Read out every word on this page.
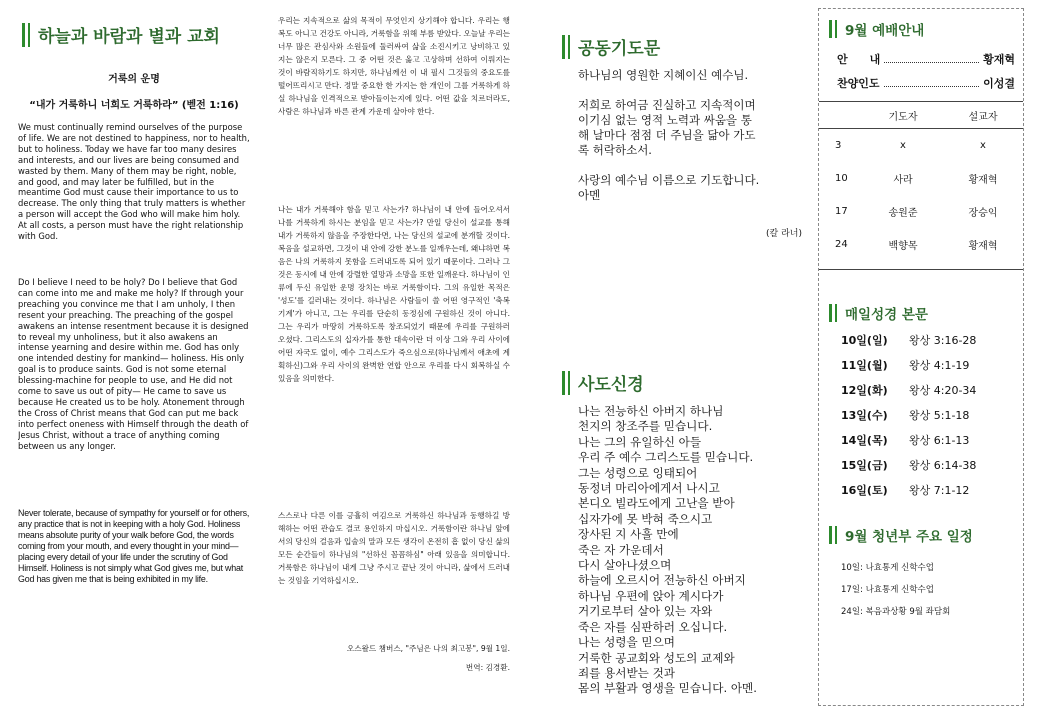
하늘과 바람과 별과 교회
거룩의 운명
“내가 거룩하니 너희도 거룩하라” (벧전 1:16)

We must continually remind ourselves of the purpose of life. We are not destined to happiness, nor to health, but to holiness. Today we have far too many desires and interests, and our lives are being consumed and wasted by them. Many of them may be right, noble, and good, and may later be fulfilled, but in the meantime God must cause their importance to us to decrease. The only thing that truly matters is whether a person will accept the God who will make him holy. At all costs, a person must have the right relationship with God.

Do I believe I need to be holy? Do I believe that God can come into me and make me holy? If through your preaching you convince me that I am unholy, I then resent your preaching. The preaching of the gospel awakens an intense resentment because it is designed to reveal my unholiness, but it also awakens an intense yearning and desire within me. God has only one intended destiny for mankind— holiness. His only goal is to produce saints. God is not some eternal blessing-machine for people to use, and He did not come to save us out of pity— He came to save us because He created us to be holy. Atonement through the Cross of Christ means that God can put me back into perfect oneness with Himself through the death of Jesus Christ, without a trace of anything coming between us any longer.

Never tolerate, because of sympathy for yourself or for others, any practice that is not in keeping with a holy God. Holiness means absolute purity of your walk before God, the words coming from your mouth, and every thought in your mind— placing every detail of your life under the scrutiny of God Himself. Holiness is not simply what God gives me, but what God has given me that is being exhibited in my life.

우리는 지속적으로 삶의 목적이 무엇인지 상기해야 합니다. 우리는 행복도 아니고 건강도 아니라, 거룩함을 위해 부름 받았다. 오늘날 우리는 너무 많은 관심사와 소원들에 둘러싸여 삶을 소진시키고 낭비하고 있지는 않은지 모른다. 그 중 어떤 것은 옳고 고상하며 선하여 이뤄지는 것이 바람직하기도 하지만, 하나님께선 이 내 필시 그것들의 중요도를 떨어뜨리시고 만다. 정말 중요한 한 가지는 한 개인이 그를 거룩하게 하실 하나님을 인격적으로 받아들이는지에 있다. 어떤 값을 치르더라도, 사람은 하나님과 바른 관계 가운데 살아야 한다.

나는 내가 거룩해야 함을 믿고 사는가? 하나님이 내 안에 들어오셔서 나를 거룩하게 하시는 분임을 믿고 사는가? 만일 당신이 설교를 통해 내가 거룩하지 않음을 주장한다면, 나는 당신의 설교에 분개할 것이다. 복음을 설교하면, 그것이 내 안에 강한 분노를 일깨우는데, 왜냐하면 복음은 나의 거룩하지 못함을 드러내도록 되어 있기 때문이다. 그러나 그것은 동시에 내 안에 강렬한 열망과 소망을 또한 일깨운다. 하나님이 인류에 두신 유일한 운명 장치는 바로 거룩함이다. 그의 유일한 목적은 '성도'를 길러내는 것이다. 하나님은 사람들이 쓸 어떤 영구적인 '축복 기계'가 아니고, 그는 우리를 단순히 동정심에 구원하신 것이 아니다. 그는 우리가 마땅히 거룩하도록 창조되었기 때문에 우리를 구원하러 오셨다. 그리스도의 십자가를 통한 대속이란 더 이상 그와 우리 사이에 어떤 자국도 없이, 예수 그리스도가 죽으심으로(하나님께서 애초에 계획하신)그와 우리 사이의 완벽한 연합 안으로 우리를 다시 회복하실 수 있음을 의미한다.

스스로나 다른 이를 긍휼히 여김으로 거룩하신 하나님과 동행하길 방해하는 어떤 관습도 결코 용인하지 마십시오. 거룩함이란 하나님 앞에서의 당신의 걸음과 입술의 말과 모든 생각이 온전히 흠 없이 당신 삶의 모든 순간들이 하나님의 "선하신 꼼꼼하심" 아래 있음을 의미합니다. 거룩함은 하나님이 내게 그냥 주시고 끝난 것이 아니라, 삶에서 드러내는 것임을 기억하십시오.

오스왈드 챔버스, "주님은 나의 최고봉", 9월 1일.
번역: 김경환.
공동기도문

하나님의 영원한 지혜이신 예수님.

저희로 하여금 진실하고 지속적이며

이기심 없는 영적 노력과 싸움을 통

해 날마다 점점 더 주님을 닮아 가도

록 허락하소서.

사랑의 예수님 이름으로 기도합니다.

아멘

(칼 라너)
사도신경

나는 전능하신 아버지 하나님

천지의 창조주를 믿습니다.

나는 그의 유일하신 아들

우리 주 예수 그리스도를 믿습니다.

그는 성령으로 잉태되어

동정녀 마리아에게서 나시고

본디오 빌라도에게 고난을 받아

십자가에 못 박혀 죽으시고

장사된 지 사흘 만에

죽은 자 가운데서

다시 살아나셨으며

하늘에 오르시어 전능하신 아버지

하나님 우편에 앉아 계시다가

거기로부터 살아 있는 자와

죽은 자를 심판하러 오십니다.

나는 성령을 믿으며

거룩한 공교회와 성도의 교제와

죄를 용서받는 것과

몸의 부활과 영생을 믿습니다. 아멘.

9월 예배안내
안　　내	황재혁
찬양인도	이성결
	기도자	설교자
3	x	x
10	사라	황재혁
17	송원준	장승익
24	백향목	황재혁
매일성경 본문
10일(일)	왕상 3:16-28
11일(월)	왕상 4:1-19
12일(화)	왕상 4:20-34
13일(수)	왕상 5:1-18
14일(목)	왕상 6:1-13
15일(금)	왕상 6:14-38
16일(토)	왕상 7:1-12
9월 청년부 주요 일정
10일: 나효통게 신학수업
17일: 나효통게 신학수업
24일: 복음과상황 9월 좌담회
